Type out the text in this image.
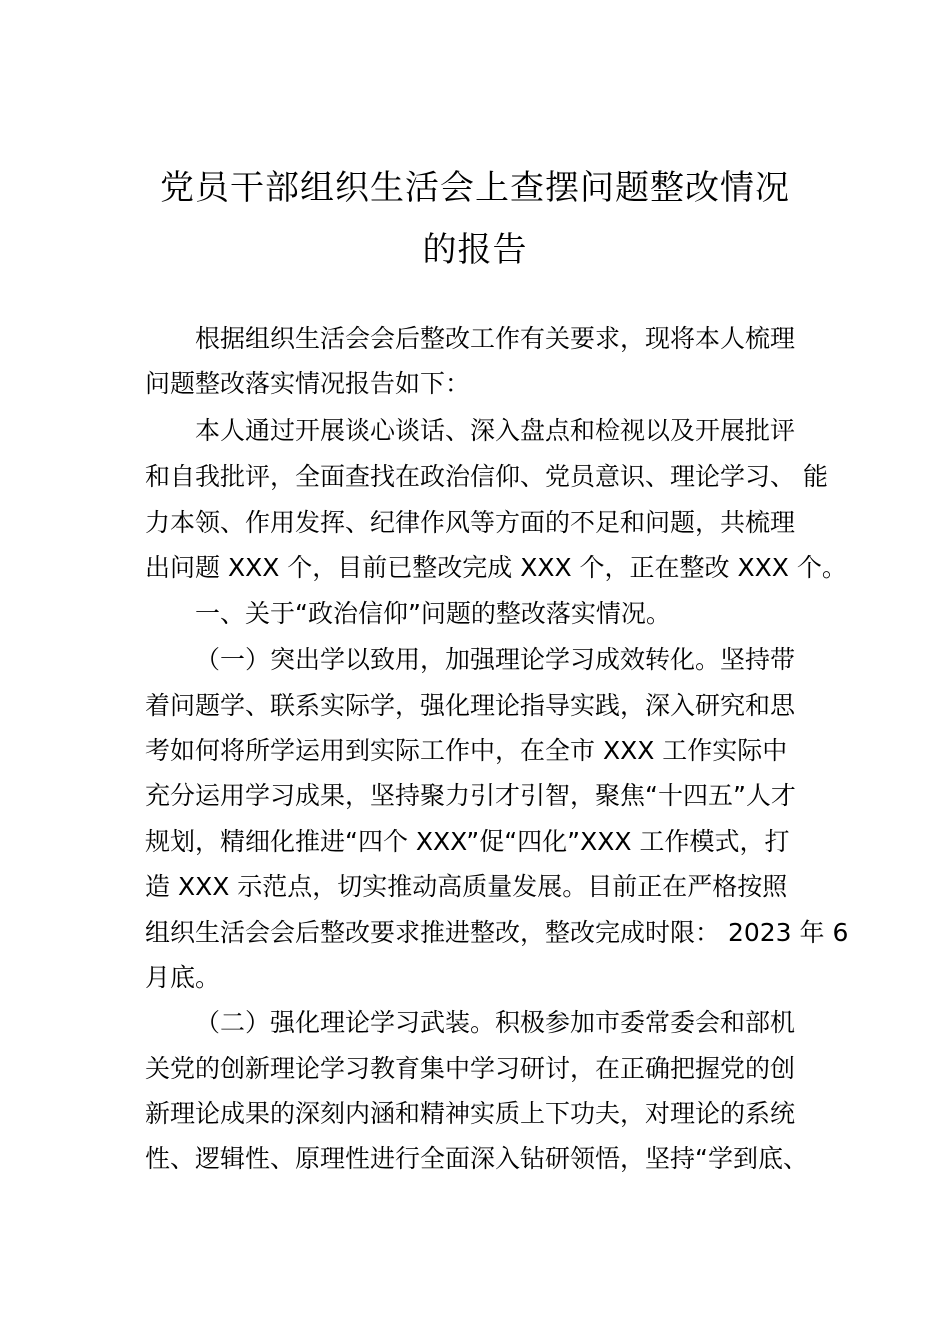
党员干部组织生活会上查摆问题整改情况
的报告
根据组织生活会会后整改工作有关要求，现将本人梳理
问题整改落实情况报告如下：
本人通过开展谈心谈话、深入盘点和检视以及开展批评
和自我批评，全面查找在政治信仰、党员意识、理论学习、 能
力本领、作用发挥、纪律作风等方面的不足和问题，共梳理
出问题 XXX 个，目前已整改完成 XXX 个，正在整改 XXX 个。
一、关于“政治信仰”问题的整改落实情况。
（一）突出学以致用，加强理论学习成效转化。坚持带
着问题学、联系实际学，强化理论指导实践，深入研究和思
考如何将所学运用到实际工作中，在全市 XXX 工作实际中
充分运用学习成果，坚持聚力引才引智，聚焦“十四五”人才
规划，精细化推进“四个 XXX”促“四化”XXX 工作模式，打
造 XXX 示范点，切实推动高质量发展。目前正在严格按照
组织生活会会后整改要求推进整改，整改完成时限： 2023 年 6
月底。
（二）强化理论学习武装。积极参加市委常委会和部机
关党的创新理论学习教育集中学习研讨，在正确把握党的创
新理论成果的深刻内涵和精神实质上下功夫，对理论的系统
性、逻辑性、原理性进行全面深入钻研领悟，坚持“学到底、
